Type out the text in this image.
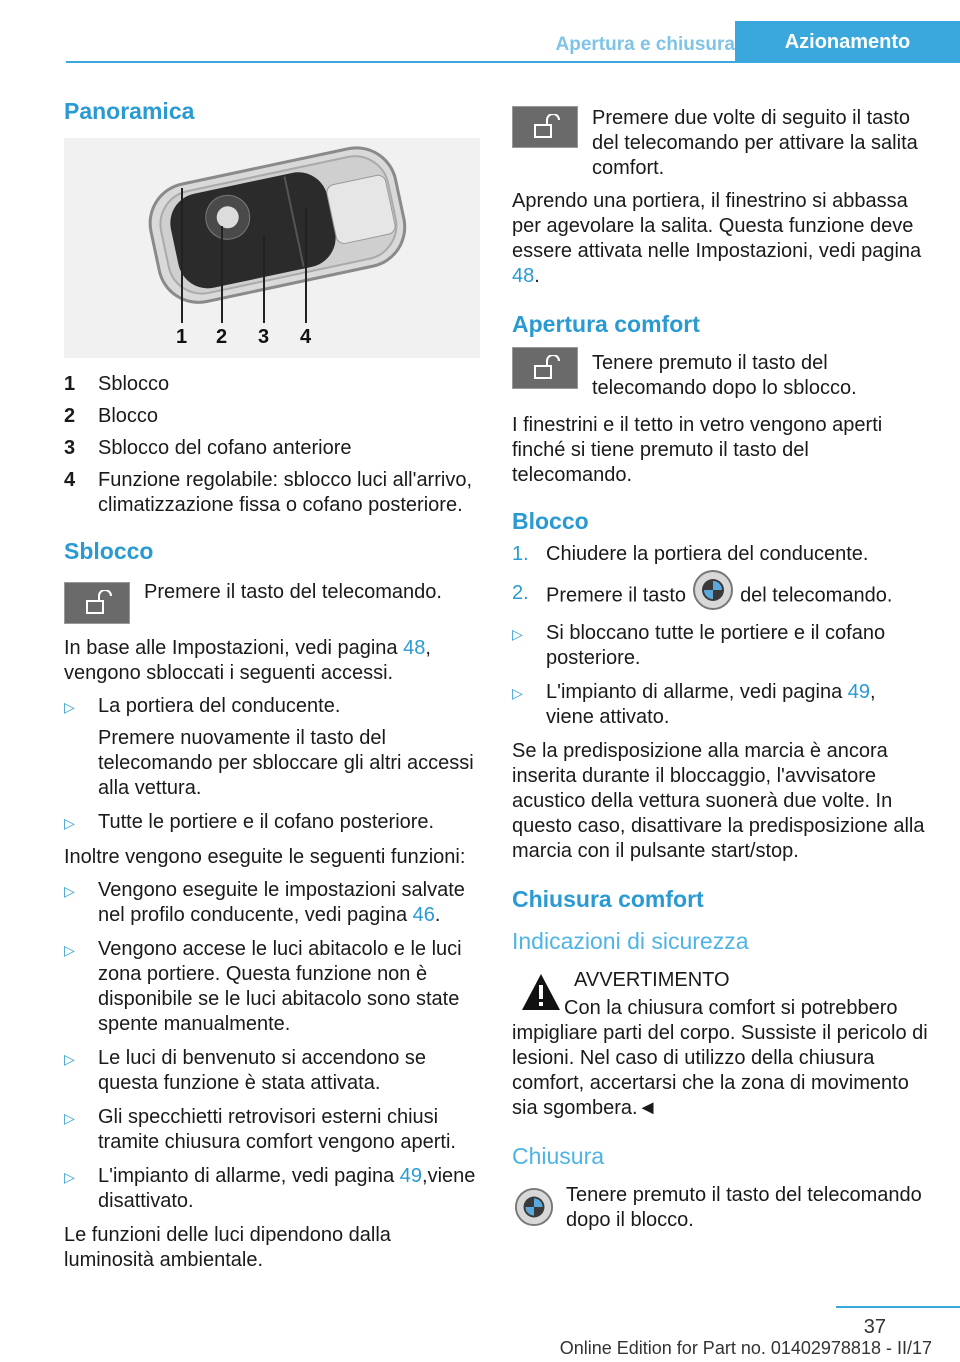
Apertura e chiusura	Azionamento
Panoramica
1 2 3 4
1	Sblocco
2	Blocco
3	Sblocco del cofano anteriore
4	Funzione regolabile: sblocco luci all'arrivo, climatizzazione fissa o cofano posteriore.
Sblocco
Premere il tasto del telecomando.

In base alle Impostazioni, vedi pagina 48, vengono sbloccati i seguenti accessi.

▷	La portiera del conducente.
Premere nuovamente il tasto del telecomando per sbloccare gli altri accessi alla vettura.
▷	Tutte le portiere e il cofano posteriore.

Inoltre vengono eseguite le seguenti funzioni:

▷	Vengono eseguite le impostazioni salvate nel profilo conducente, vedi pagina 46.
▷	Vengono accese le luci abitacolo e le luci zona portiere. Questa funzione non è disponibile se le luci abitacolo sono state spente manualmente.
▷	Le luci di benvenuto si accendono se questa funzione è stata attivata.
▷	Gli specchietti retrovisori esterni chiusi tramite chiusura comfort vengono aperti.
▷	L'impianto di allarme, vedi pagina 49,viene disattivato.

Le funzioni delle luci dipendono dalla luminosità ambientale.

Premere due volte di seguito il tasto del telecomando per attivare la salita comfort.

Aprendo una portiera, il finestrino si abbassa per agevolare la salita. Questa funzione deve essere attivata nelle Impostazioni, vedi pagina 48.

Apertura comfort
Tenere premuto il tasto del telecomando dopo lo sblocco.

I finestrini e il tetto in vetro vengono aperti finché si tiene premuto il tasto del telecomando.

Blocco
1. Chiudere la portiera del conducente.
2. Premere il tasto	del telecomando.
▷	Si bloccano tutte le portiere e il cofano posteriore.
▷	L'impianto di allarme, vedi pagina 49, viene attivato.

Se la predisposizione alla marcia è ancora inserita durante il bloccaggio, l'avvisatore acustico della vettura suonerà due volte. In questo caso, disattivare la predisposizione alla marcia con il pulsante start/stop.

Chiusura comfort
Indicazioni di sicurezza
AVVERTIMENTO

Con la chiusura comfort si potrebbero impigliare parti del corpo. Sussiste il pericolo di lesioni. Nel caso di utilizzo della chiusura comfort, accertarsi che la zona di movimento sia sgombera.◄

Chiusura
Tenere premuto il tasto del telecomando dopo il blocco.
37
Online Edition for Part no. 01402978818 - II/17
